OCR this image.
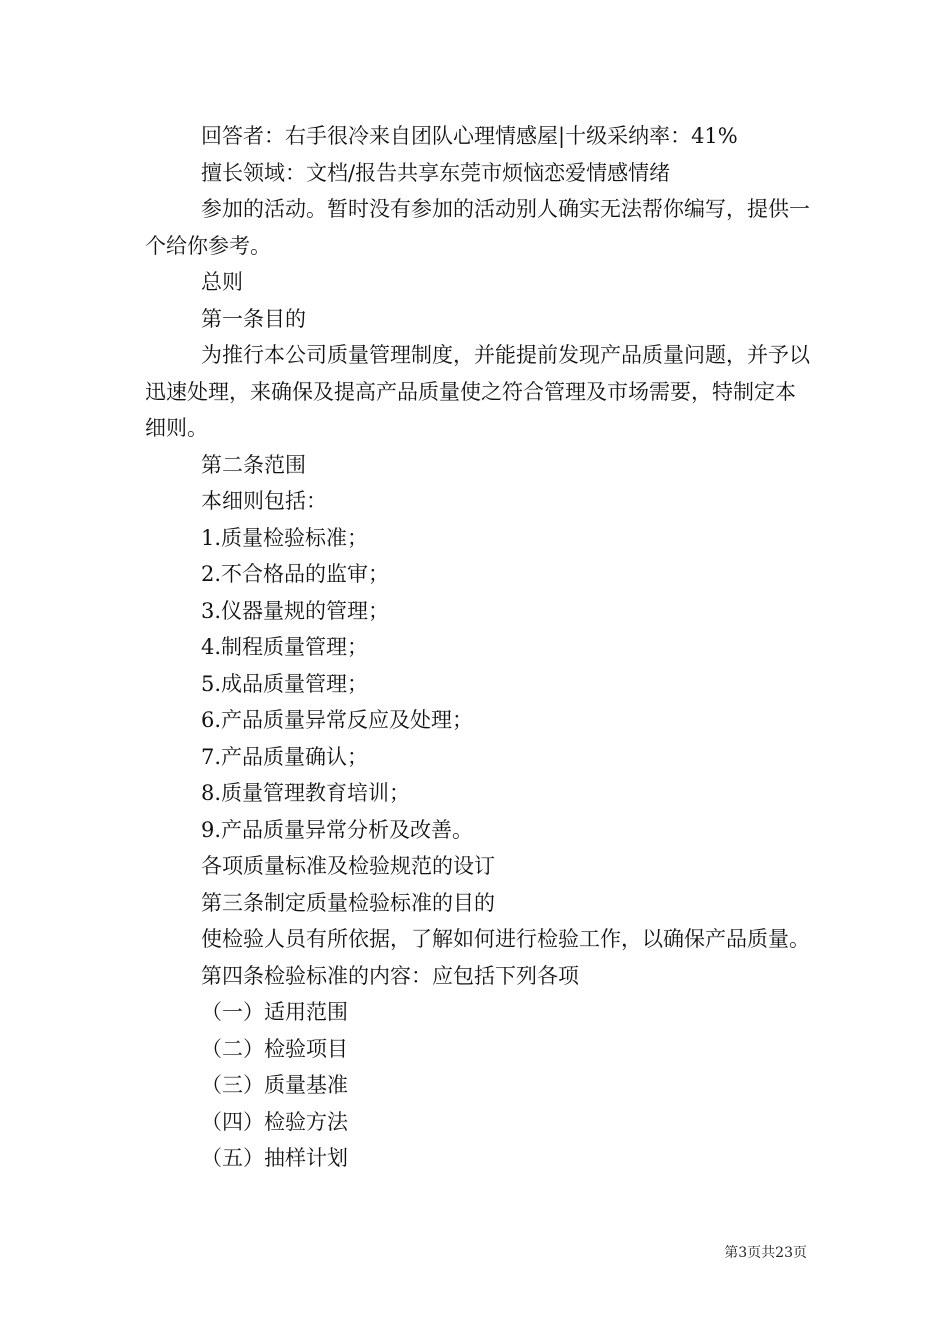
回答者：右手很冷来自团队心理情感屋|十级采纳率：41%

擅长领域：文档/报告共享东莞市烦恼恋爱情感情绪

参加的活动。暂时没有参加的活动别人确实无法帮你编写，提供一个给你参考。

总则

第一条目的

为推行本公司质量管理制度，并能提前发现产品质量问题，并予以迅速处理，来确保及提高产品质量使之符合管理及市场需要，特制定本细则。

第二条范围

本细则包括：

1.质量检验标准；

2.不合格品的监审；

3.仪器量规的管理；

4.制程质量管理；

5.成品质量管理；

6.产品质量异常反应及处理；

7.产品质量确认；

8.质量管理教育培训；

9.产品质量异常分析及改善。

各项质量标准及检验规范的设订

第三条制定质量检验标准的目的

使检验人员有所依据，了解如何进行检验工作，以确保产品质量。

第四条检验标准的内容：应包括下列各项

（一）适用范围

（二）检验项目

（三）质量基准

（四）检验方法

（五）抽样计划

第3页共23页
